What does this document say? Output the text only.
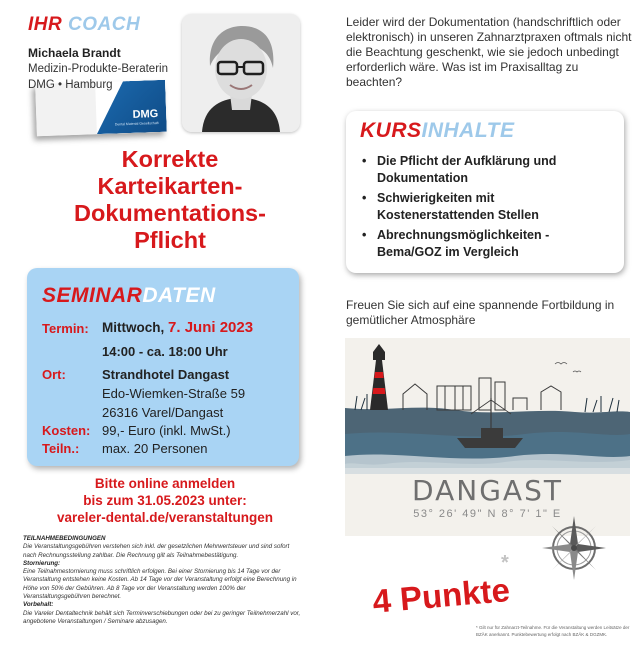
IHR COACH
Michaela Brandt
Medizin-Produkte-Beraterin
DMG
Dental Material Gesellschaft
DMG • Hamburg
Korrekte
Karteikarten-
Dokumentations-
Pflicht
SEMINARDATEN
Termin: Mittwoch, 7. Juni 2023
14:00 - ca. 18:00 Uhr
Ort:	Strandhotel Dangast
Edo-Wiemken-Straße 59
26316 Varel/Dangast
Kosten: 99,- Euro (inkl. MwSt.)
Teiln.: max. 20 Personen
Bitte online anmelden
bis zum 31.05.2023 unter:
vareler-dental.de/veranstaltungen
TEILNAHMEBEDINGUNGEN
Die Veranstaltungsgebühren verstehen sich inkl. der gesetzlichen Mehrwertsteuer und sind sofort nach Rechnungsstellung zahlbar. Die Rechnung gilt als Teilnahmebestätigung.
Stornierung:
Eine Teilnahmestornierung muss schriftlich erfolgen. Bei einer Stornierung bis 14 Tage vor der Veranstaltung entstehen keine Kosten. Ab 14 Tage vor der Veranstaltung erfolgt eine Berechnung in Höhe von 50% der Gebühren. Ab 8 Tage vor der Veranstaltung werden 100% der Veranstaltungsgebühren berechnet.
Vorbehalt:
Die Vareler Dentaltechnik behält sich Terminverschiebungen oder bei zu geringer Teilnehmerzahl vor, angebotene Veranstaltungen / Seminare abzusagen.
Leider wird der Dokumentation (handschriftlich oder elektronisch) in unseren Zahnarztpraxen oftmals nicht die Beachtung geschenkt, wie sie jedoch unbedingt erforderlich wäre. Was ist im Praxisalltag zu beachten?
KURSINHALTE
• Die Pflicht der Aufklärung und Dokumentation
• Schwierigkeiten mit Kostenerstattenden Stellen
• Abrechnungsmöglichkeiten - Bema/GOZ im Vergleich
Freuen Sie sich auf eine spannende Fortbildung in gemütlicher Atmosphäre
DANGAST
53° 26' 49" N 8° 7' 1" E
4 Punkte
*
* Gilt nur für Zahnarzt-Teilnahme. Für die Veranstaltung werden Leitsätze der BZÄK anerkannt. Punktebewertung erfolgt nach BZÄK & DGZMK.
